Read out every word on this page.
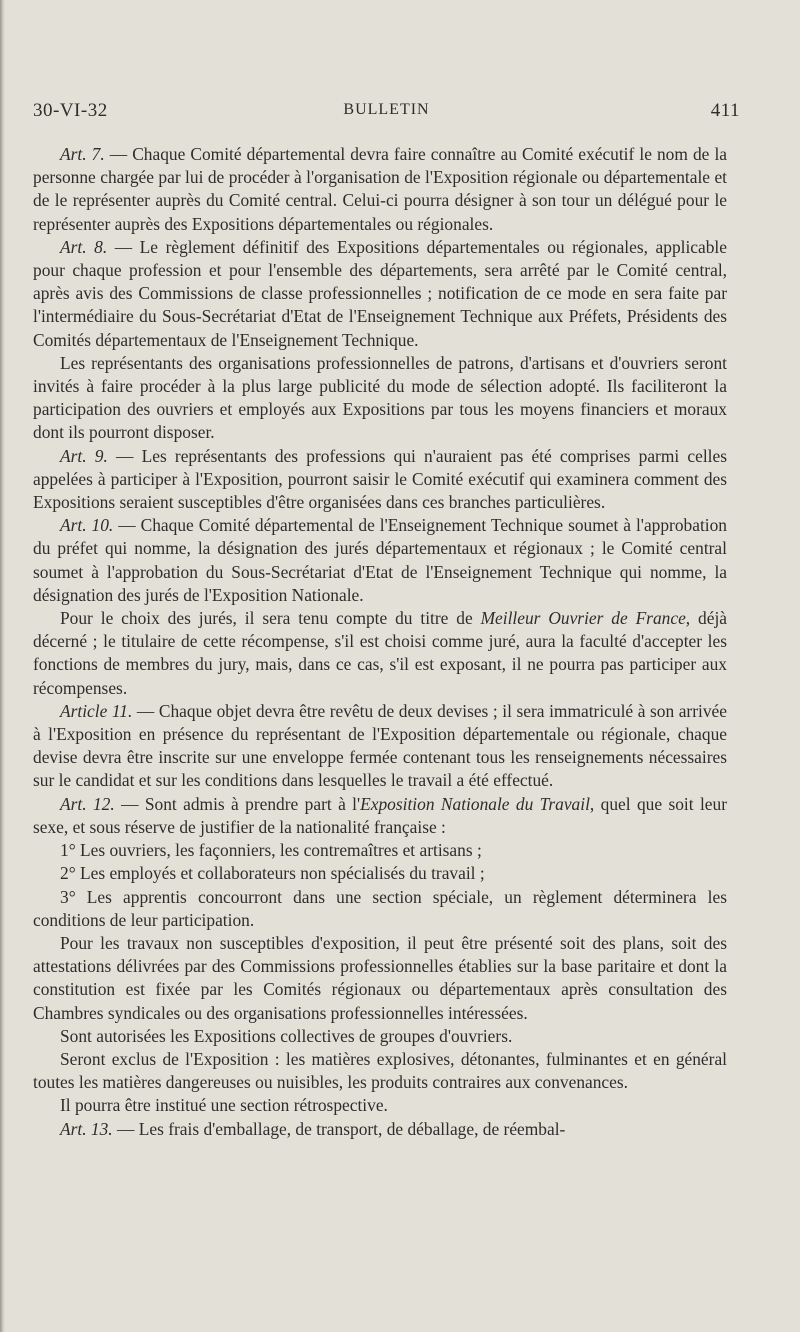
30-VI-32	BULLETIN	411

Art. 7. — Chaque Comité départemental devra faire connaître au Comité exécutif le nom de la personne chargée par lui de procéder à l'organisation de l'Exposition régionale ou départementale et de le représenter auprès du Comité central. Celui-ci pourra désigner à son tour un délégué pour le représenter auprès des Expositions départementales ou régionales.

Art. 8. — Le règlement définitif des Expositions départementales ou régionales, applicable pour chaque profession et pour l'ensemble des départements, sera arrêté par le Comité central, après avis des Commissions de classe professionnelles ; notification de ce mode en sera faite par l'intermédiaire du Sous-Secrétariat d'Etat de l'Enseignement Technique aux Préfets, Présidents des Comités départementaux de l'Enseignement Technique.

Les représentants des organisations professionnelles de patrons, d'artisans et d'ouvriers seront invités à faire procéder à la plus large publicité du mode de sélection adopté. Ils faciliteront la participation des ouvriers et employés aux Expositions par tous les moyens financiers et moraux dont ils pourront disposer.

Art. 9. — Les représentants des professions qui n'auraient pas été comprises parmi celles appelées à participer à l'Exposition, pourront saisir le Comité exécutif qui examinera comment des Expositions seraient susceptibles d'être organisées dans ces branches particulières.

Art. 10. — Chaque Comité départemental de l'Enseignement Technique soumet à l'approbation du préfet qui nomme, la désignation des jurés départementaux et régionaux ; le Comité central soumet à l'approbation du Sous-Secrétariat d'Etat de l'Enseignement Technique qui nomme, la désignation des jurés de l'Exposition Nationale.

Pour le choix des jurés, il sera tenu compte du titre de Meilleur Ouvrier de France, déjà décerné ; le titulaire de cette récompense, s'il est choisi comme juré, aura la faculté d'accepter les fonctions de membres du jury, mais, dans ce cas, s'il est exposant, il ne pourra pas participer aux récompenses.

Article 11. — Chaque objet devra être revêtu de deux devises ; il sera immatriculé à son arrivée à l'Exposition en présence du représentant de l'Exposition départementale ou régionale, chaque devise devra être inscrite sur une enveloppe fermée contenant tous les renseignements nécessaires sur le candidat et sur les conditions dans lesquelles le travail a été effectué.

Art. 12. — Sont admis à prendre part à l'Exposition Nationale du Travail, quel que soit leur sexe, et sous réserve de justifier de la nationalité française :

1° Les ouvriers, les façonniers, les contremaîtres et artisans ;

2° Les employés et collaborateurs non spécialisés du travail ;

3° Les apprentis concourront dans une section spéciale, un règlement déterminera les conditions de leur participation.

Pour les travaux non susceptibles d'exposition, il peut être présenté soit des plans, soit des attestations délivrées par des Commissions professionnelles établies sur la base paritaire et dont la constitution est fixée par les Comités régionaux ou départementaux après consultation des Chambres syndicales ou des organisations professionnelles intéressées.

Sont autorisées les Expositions collectives de groupes d'ouvriers.

Seront exclus de l'Exposition : les matières explosives, détonantes, fulminantes et en général toutes les matières dangereuses ou nuisibles, les produits contraires aux convenances.

Il pourra être institué une section rétrospective.

Art. 13. — Les frais d'emballage, de transport, de déballage, de réembal-
